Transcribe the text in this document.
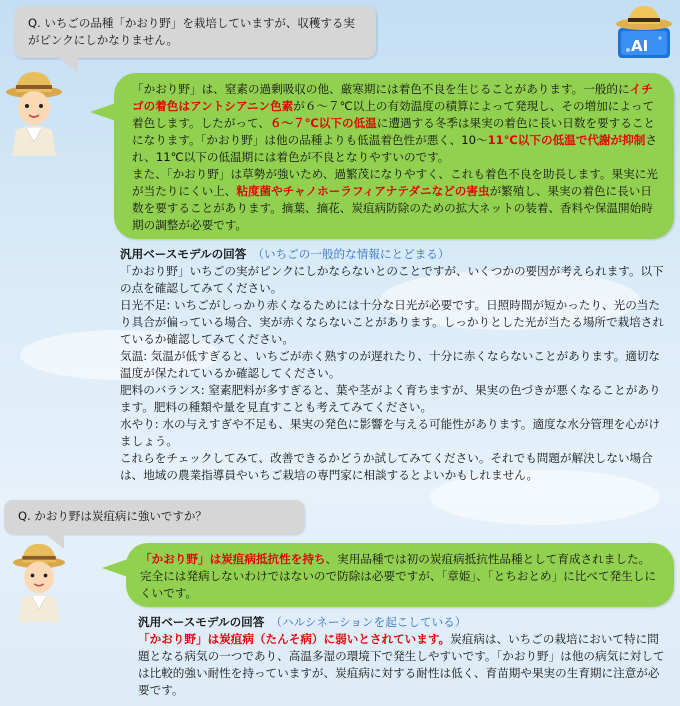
Q. いちごの品種「かおり野」を栽培していますが、収穫する実がピンクにしかなりません。	AI
「かおり野」は、窒素の過剰吸収の他、厳寒期には着色不良を生じることがあります。一般的にイチゴの着色はアントシアニン色素が６～７℃以上の有効温度の積算によって発現し、その増加によって着色します。したがって、６～７℃以下の低温に遭遇する冬季は果実の着色に長い日数を要することになります。「かおり野」は他の品種よりも低温着色性が悪く、10～11℃以下の低温で代謝が抑制され、11℃以下の低温期には着色が不良となりやすいのです。
また、「かおり野」は草勢が強いため、過繁茂になりやすく、これも着色不良を助長します。果実に光が当たりにくい上、粘度菌やチャノホーラフィアナテダニなどの害虫が繁殖し、果実の着色に長い日数を要することがあります。摘葉、摘花、炭疽病防除のための拡大ネットの装着、香料や保温開始時期の調整が必要です。
汎用ベースモデルの回答 （いちごの一般的な情報にとどまる）
「かおり野」いちごの実がピンクにしかならないとのことですが、いくつかの要因が考えられます。以下の点を確認してみてください。
日光不足: いちごがしっかり赤くなるためには十分な日光が必要です。日照時間が短かったり、光の当たり具合が偏っている場合、実が赤くならないことがあります。しっかりとした光が当たる場所で栽培されているか確認してみてください。
気温: 気温が低すぎると、いちごが赤く熟すのが遅れたり、十分に赤くならないことがあります。適切な温度が保たれているか確認してください。
肥料のバランス: 窒素肥料が多すぎると、葉や茎がよく育ちますが、果実の色づきが悪くなることがあります。肥料の種類や量を見直すことも考えてみてください。
水やり: 水の与えすぎや不足も、果実の発色に影響を与える可能性があります。適度な水分管理を心がけましょう。
これらをチェックしてみて、改善できるかどうか試してみてください。それでも問題が解決しない場合は、地域の農業指導員やいちご栽培の専門家に相談するとよいかもしれません。
Q. かおり野は炭疽病に強いですか？
「かおり野」は炭疽病抵抗性を持ち、実用品種では初の炭疽病抵抗性品種として育成されました。完全には発病しないわけではないので防除は必要ですが、「章姫」、「とちおとめ」に比べて発生しにくいです。
汎用ベースモデルの回答 （ハルシネーションを起こしている）
「かおり野」は炭疽病（たんそ病）に弱いとされています。炭疽病は、いちごの栽培において特に問題となる病気の一つであり、高温多湿の環境下で発生しやすいです。「かおり野」は他の病気に対しては比較的強い耐性を持っていますが、炭疽病に対する耐性は低く、育苗期や果実の生育期に注意が必要です。
